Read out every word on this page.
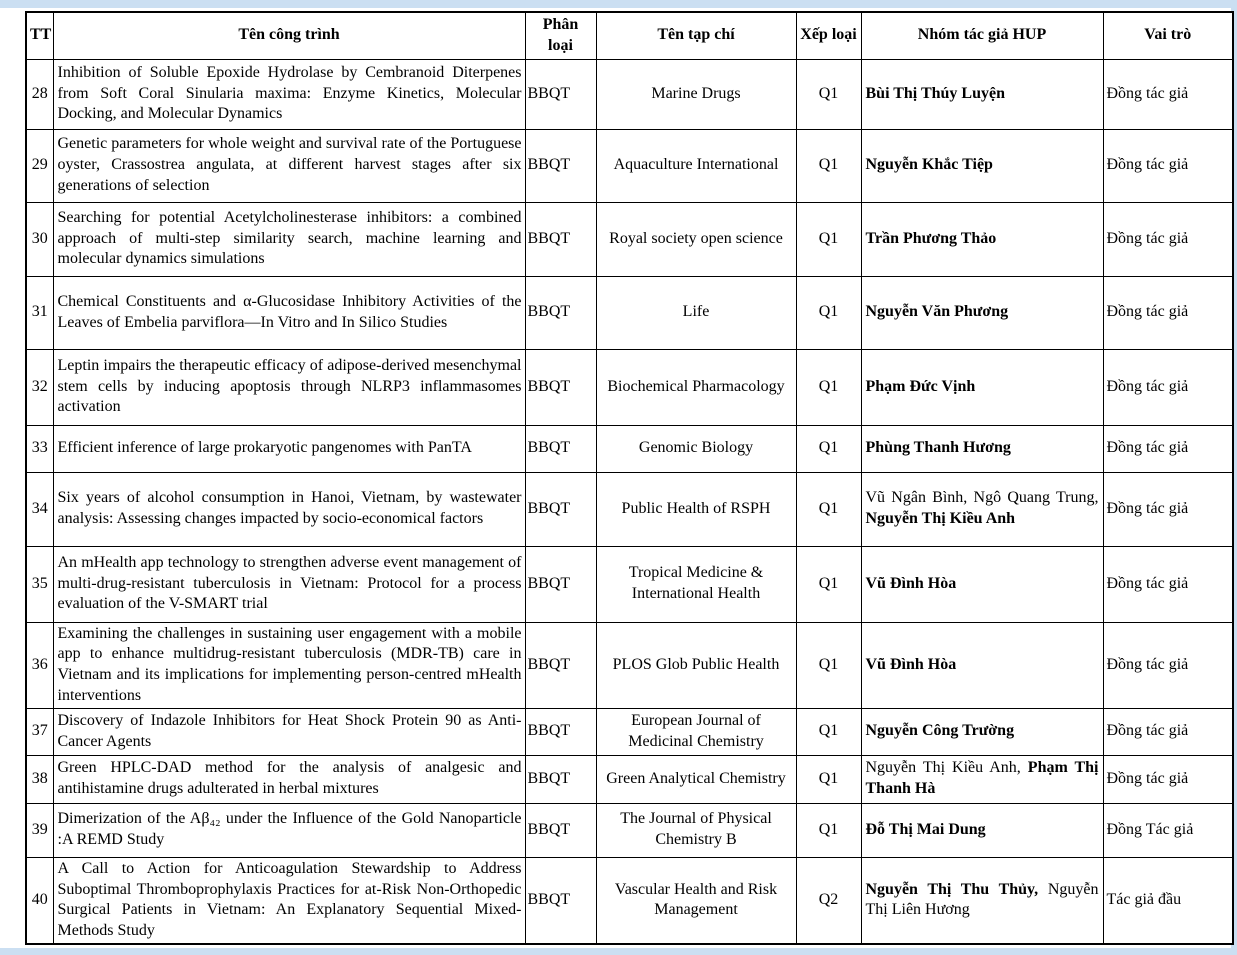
TT	Tên công trình	Phân loại	Tên tạp chí	Xếp loại	Nhóm tác giả HUP	Vai trò
28	Inhibition of Soluble Epoxide Hydrolase by Cembranoid Diterpenes from Soft Coral Sinularia maxima: Enzyme Kinetics, Molecular Docking, and Molecular Dynamics	BBQT	Marine Drugs	Q1	Bùi Thị Thúy Luyện	Đồng tác giả
29	Genetic parameters for whole weight and survival rate of the Portuguese oyster, Crassostrea angulata, at different harvest stages after six generations of selection	BBQT	Aquaculture International	Q1	Nguyễn Khắc Tiệp	Đồng tác giả
30	Searching for potential Acetylcholinesterase inhibitors: a combined approach of multi-step similarity search, machine learning and molecular dynamics simulations	BBQT	Royal society open science	Q1	Trần Phương Thảo	Đồng tác giả
31	Chemical Constituents and α-Glucosidase Inhibitory Activities of the Leaves of Embelia parviflora—In Vitro and In Silico Studies	BBQT	Life	Q1	Nguyễn Văn Phương	Đồng tác giả
32	Leptin impairs the therapeutic efficacy of adipose-derived mesenchymal stem cells by inducing apoptosis through NLRP3 inflammasomes activation	BBQT	Biochemical Pharmacology	Q1	Phạm Đức Vịnh	Đồng tác giả
33	Efficient inference of large prokaryotic pangenomes with PanTA	BBQT	Genomic Biology	Q1	Phùng Thanh Hương	Đồng tác giả
34	Six years of alcohol consumption in Hanoi, Vietnam, by wastewater analysis: Assessing changes impacted by socio-economical factors	BBQT	Public Health of RSPH	Q1	Vũ Ngân Bình, Ngô Quang Trung, Nguyễn Thị Kiều Anh	Đồng tác giả
35	An mHealth app technology to strengthen adverse event management of multi-drug-resistant tuberculosis in Vietnam: Protocol for a process evaluation of the V-SMART trial	BBQT	Tropical Medicine & International Health	Q1	Vũ Đình Hòa	Đồng tác giả
36	Examining the challenges in sustaining user engagement with a mobile app to enhance multidrug-resistant tuberculosis (MDR-TB) care in Vietnam and its implications for implementing person-centred mHealth interventions	BBQT	PLOS Glob Public Health	Q1	Vũ Đình Hòa	Đồng tác giả
37	Discovery of Indazole Inhibitors for Heat Shock Protein 90 as Anti-Cancer Agents	BBQT	European Journal of Medicinal Chemistry	Q1	Nguyễn Công Trường	Đồng tác giả
38	Green HPLC-DAD method for the analysis of analgesic and antihistamine drugs adulterated in herbal mixtures	BBQT	Green Analytical Chemistry	Q1	Nguyễn Thị Kiều Anh, Phạm Thị Thanh Hà	Đồng tác giả
39	Dimerization of the Aβ₄₂ under the Influence of the Gold Nanoparticle :A REMD Study	BBQT	The Journal of Physical Chemistry B	Q1	Đỗ Thị Mai Dung	Đồng Tác giả
40	A Call to Action for Anticoagulation Stewardship to Address Suboptimal Thromboprophylaxis Practices for at-Risk Non-Orthopedic Surgical Patients in Vietnam: An Explanatory Sequential Mixed-Methods Study	BBQT	Vascular Health and Risk Management	Q2	Nguyễn Thị Thu Thủy, Nguyễn Thị Liên Hương	Tác giả đầu
